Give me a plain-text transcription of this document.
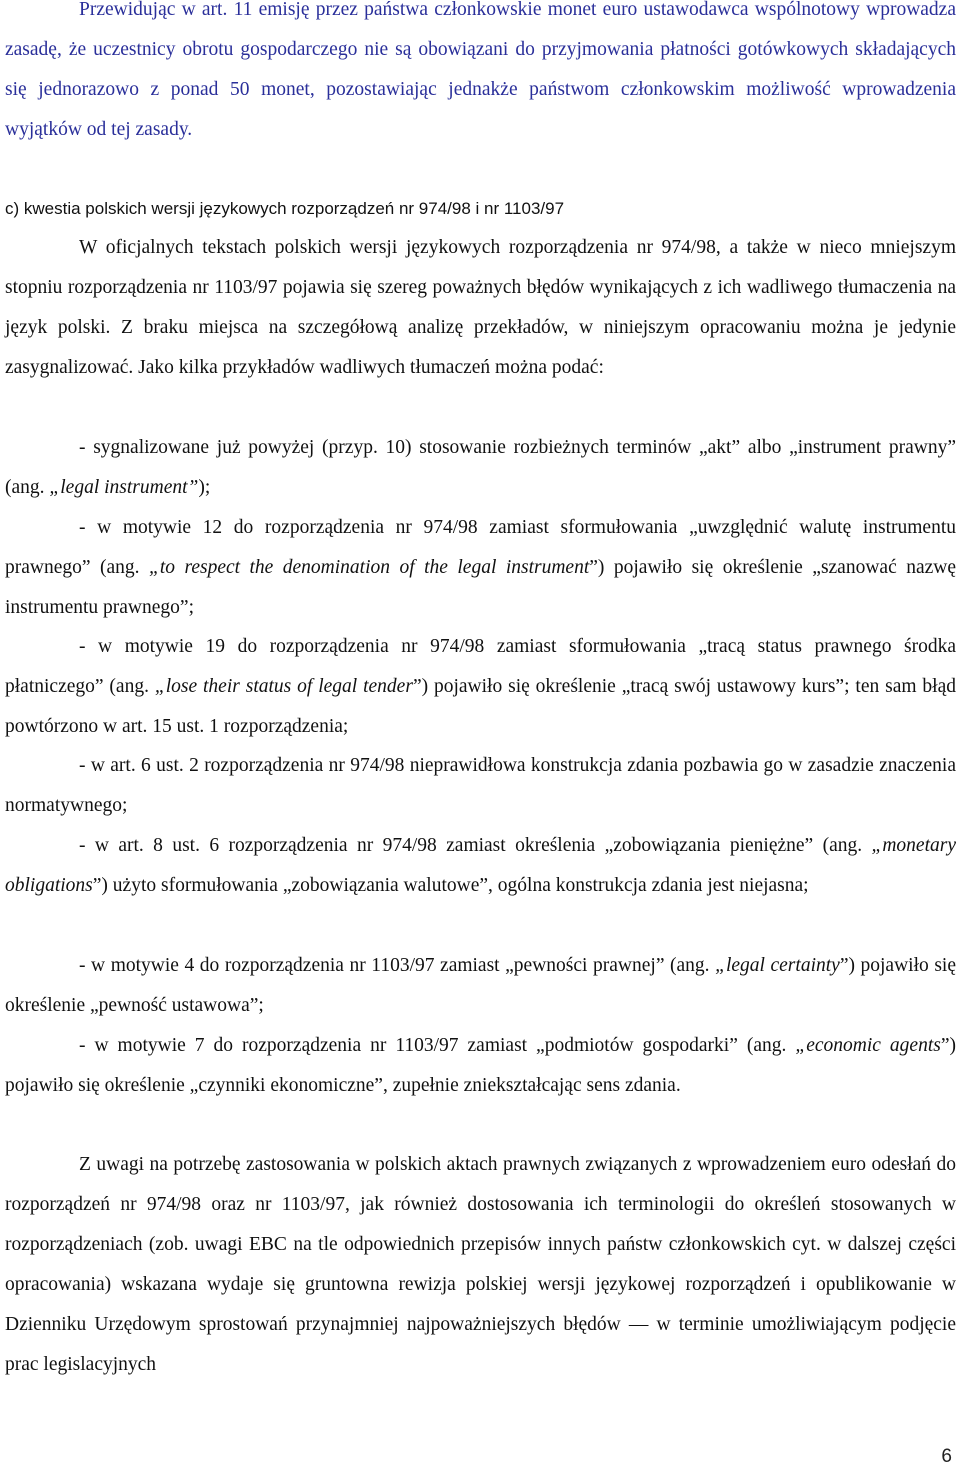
Przewidując w art. 11 emisję przez państwa członkowskie monet euro ustawodawca wspólnotowy wprowadza zasadę, że uczestnicy obrotu gospodarczego nie są obowiązani do przyjmowania płatności gotówkowych składających się jednorazowo z ponad 50 monet, pozostawiając jednakże państwom członkowskim możliwość wprowadzenia wyjątków od tej zasady.

c) kwestia polskich wersji językowych rozporządzeń nr 974/98 i nr 1103/97

W oficjalnych tekstach polskich wersji językowych rozporządzenia nr 974/98, a także w nieco mniejszym stopniu rozporządzenia nr 1103/97 pojawia się szereg poważnych błędów wynikających z ich wadliwego tłumaczenia na język polski. Z braku miejsca na szczegółową analizę przekładów, w niniejszym opracowaniu można je jedynie zasygnalizować. Jako kilka przykładów wadliwych tłumaczeń można podać:

- sygnalizowane już powyżej (przyp. 10) stosowanie rozbieżnych terminów „akt” albo „instrument prawny” (ang. „legal instrument”);

- w motywie 12 do rozporządzenia nr 974/98 zamiast sformułowania „uwzględnić walutę instrumentu prawnego” (ang. „to respect the denomination of the legal instrument”) pojawiło się określenie „szanować nazwę instrumentu prawnego”;

- w motywie 19 do rozporządzenia nr 974/98 zamiast sformułowania „tracą status prawnego środka płatniczego” (ang. „lose their status of legal tender”) pojawiło się określenie „tracą swój ustawowy kurs”; ten sam błąd powtórzono w art. 15 ust. 1 rozporządzenia;

- w art. 6 ust. 2 rozporządzenia nr 974/98 nieprawidłowa konstrukcja zdania pozbawia go w zasadzie znaczenia normatywnego;

- w art. 8 ust. 6 rozporządzenia nr 974/98 zamiast określenia „zobowiązania pieniężne” (ang. „monetary obligations”) użyto sformułowania „zobowiązania walutowe”, ogólna konstrukcja zdania jest niejasna;

- w motywie 4 do rozporządzenia nr 1103/97 zamiast „pewności prawnej” (ang. „legal certainty”) pojawiło się określenie „pewność ustawowa”;

- w motywie 7 do rozporządzenia nr 1103/97 zamiast „podmiotów gospodarki” (ang. „economic agents”) pojawiło się określenie „czynniki ekonomiczne”, zupełnie zniekształcając sens zdania.

Z uwagi na potrzebę zastosowania w polskich aktach prawnych związanych z wprowadzeniem euro odesłań do rozporządzeń nr 974/98 oraz nr 1103/97, jak również dostosowania ich terminologii do określeń stosowanych w rozporządzeniach (zob. uwagi EBC na tle odpowiednich przepisów innych państw członkowskich cyt. w dalszej części opracowania) wskazana wydaje się gruntowna rewizja polskiej wersji językowej rozporządzeń i opublikowanie w Dzienniku Urzędowym sprostowań przynajmniej najpoważniejszych błędów — w terminie umożliwiającym podjęcie prac legislacyjnych

6
